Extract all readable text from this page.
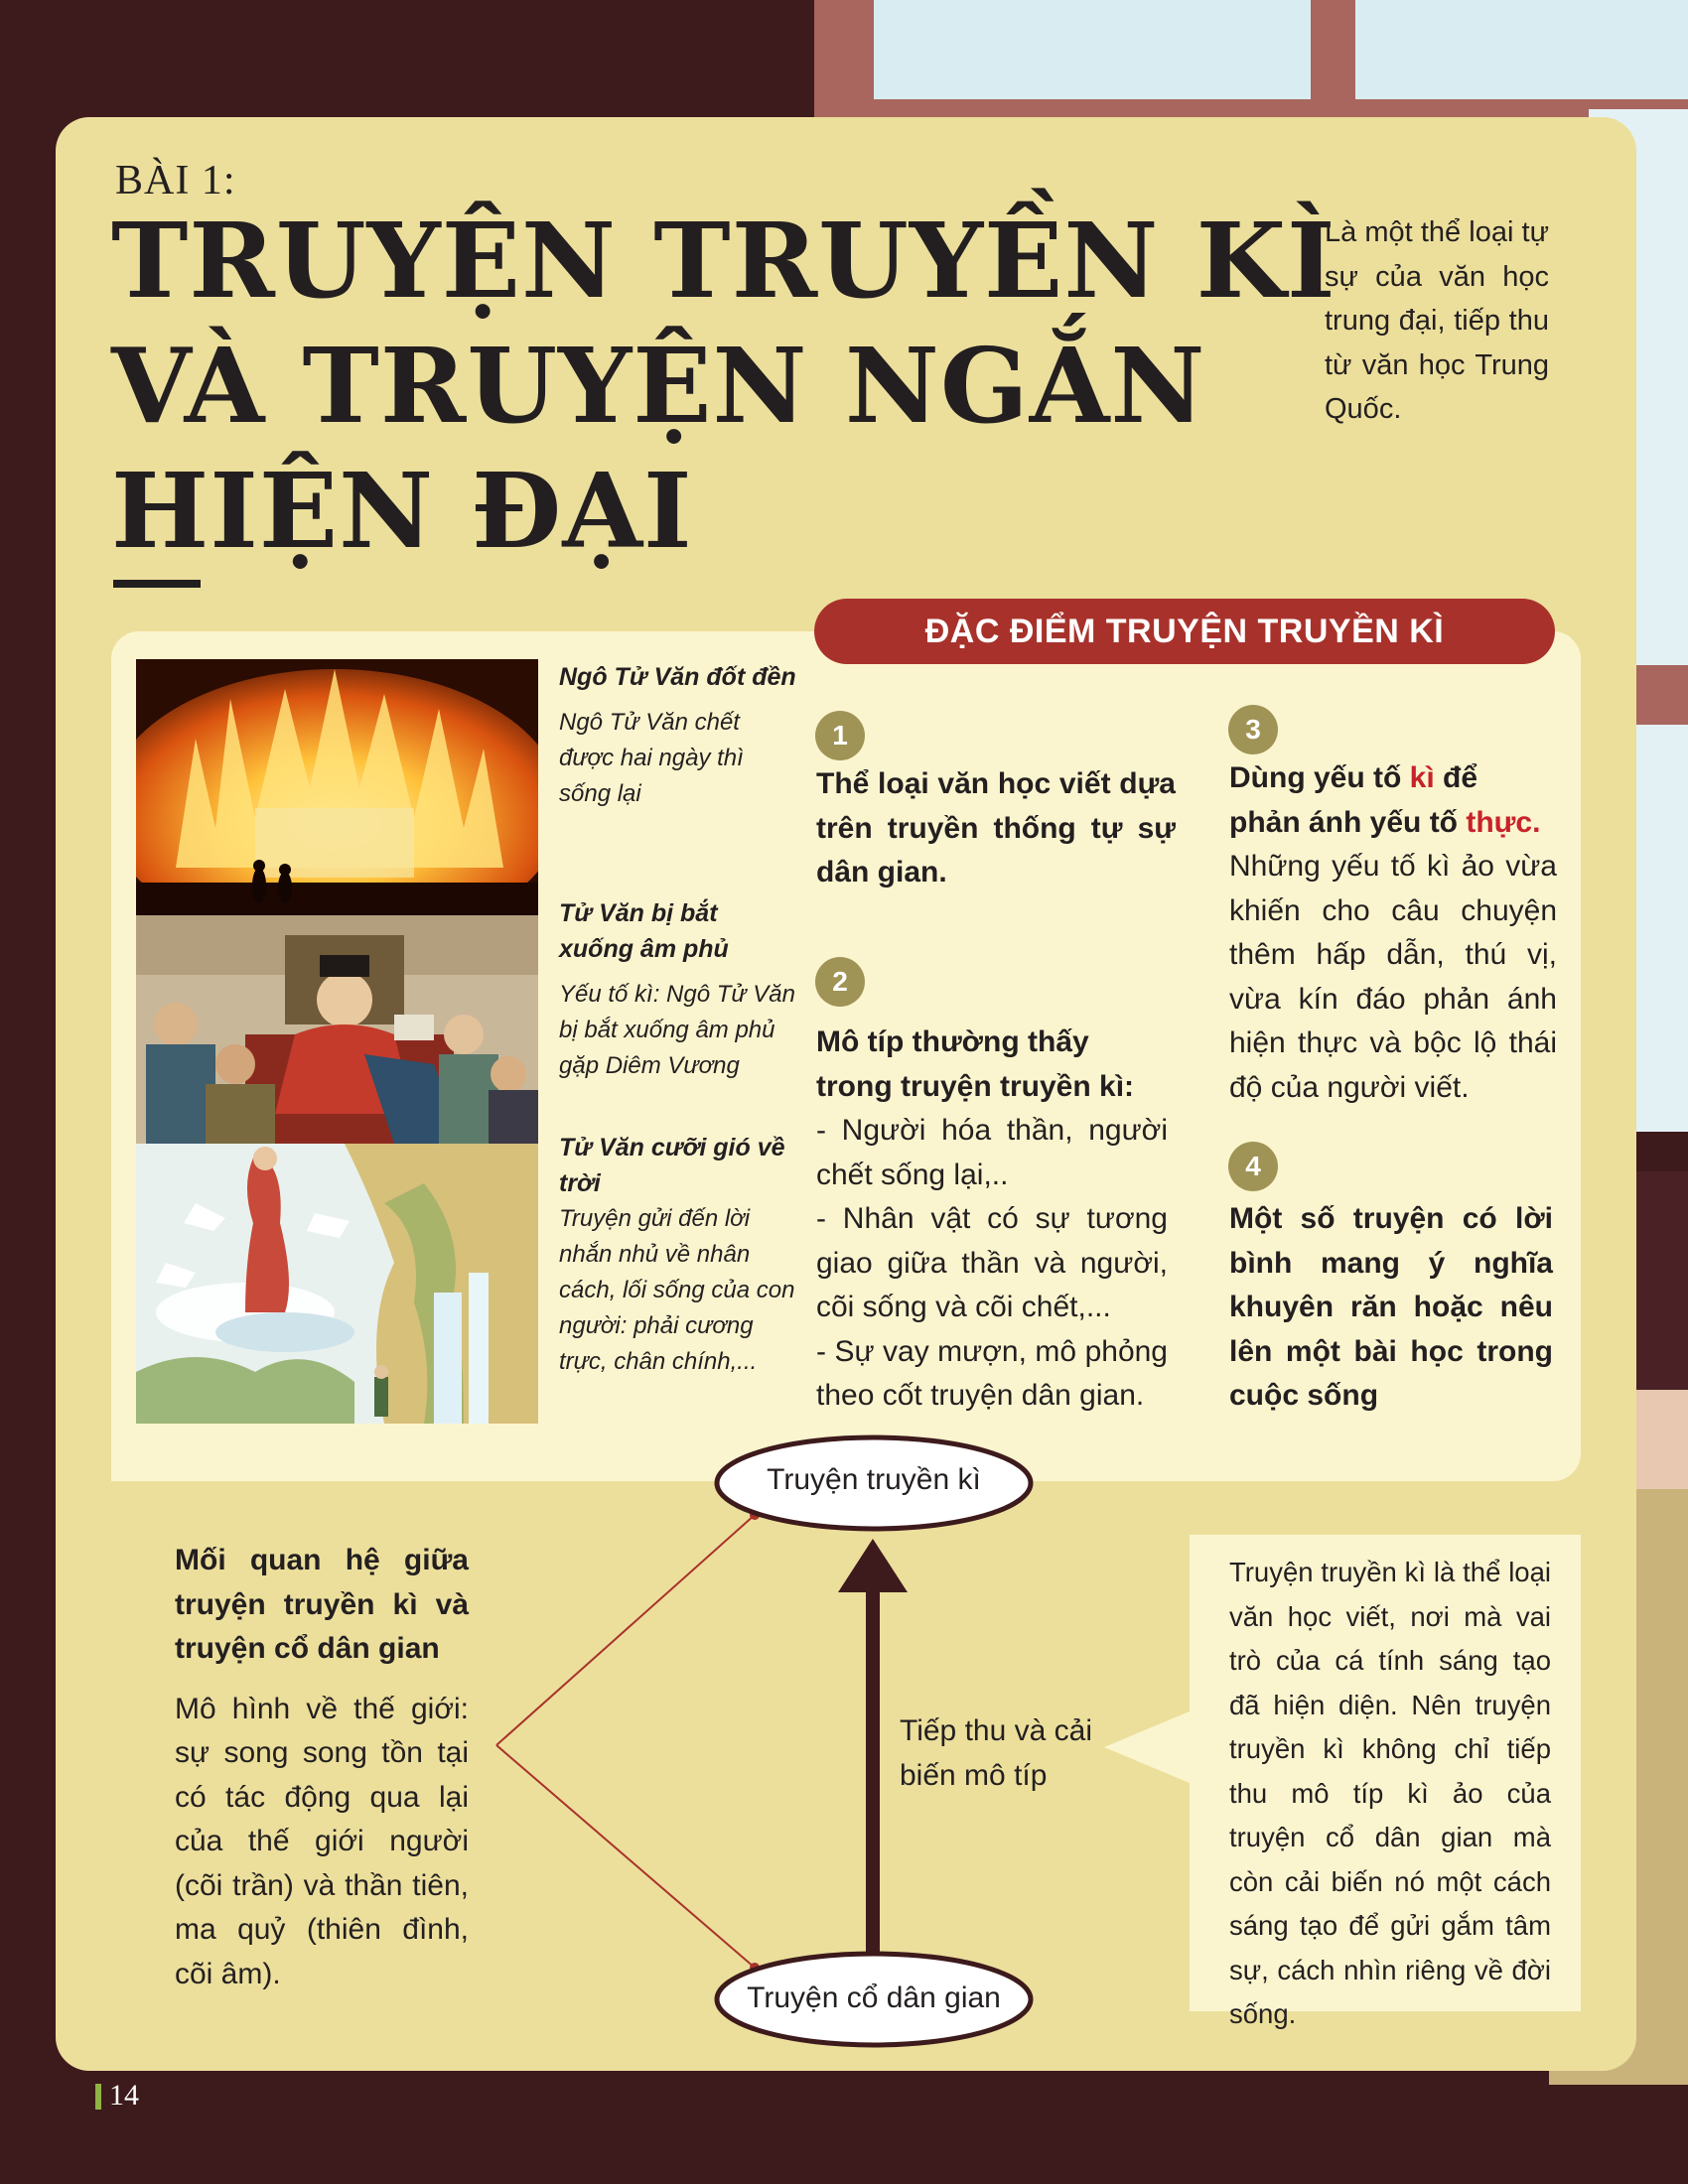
BÀI 1:
TRUYỆN TRUYỀN KÌ
VÀ TRUYỆN NGẮN
HIỆN ĐẠI
Là một thể loại tự sự của văn học trung đại, tiếp thu từ văn học Trung Quốc.
ĐẶC ĐIỂM TRUYỆN TRUYỀN KÌ
Ngô Tử Văn đốt đền
Ngô Tử Văn chết được hai ngày thì sống lại
Tử Văn bị bắt xuống âm phủ
Yếu tố kì: Ngô Tử Văn bị bắt xuống âm phủ gặp Diêm Vương
Tử Văn cưỡi gió về trời
Truyện gửi đến lời nhắn nhủ về nhân cách, lối sống của con người: phải cương trực, chân chính,...
1
Thể loại văn học viết dựa trên truyền thống tự sự dân gian.
2
Mô típ thường thấy trong truyện truyền kì:
- Người hóa thần, người chết sống lại,..
- Nhân vật có sự tương giao giữa thần và người, cõi sống và cõi chết,...
- Sự vay mượn, mô phỏng theo cốt truyện dân gian.
3
Dùng yếu tố kì để phản ánh yếu tố thực.
Những yếu tố kì ảo vừa khiến cho câu chuyện thêm hấp dẫn, thú vị, vừa kín đáo phản ánh hiện thực và bộc lộ thái độ của người viết.
4
Một số truyện có lời bình mang ý nghĩa khuyên răn hoặc nêu lên một bài học trong cuộc sống
Truyện truyền kì
Truyện cổ dân gian
Mối quan hệ giữa truyện truyền kì và truyện cổ dân gian
Mô hình về thế giới: sự song song tồn tại có tác động qua lại của thế giới người (cõi trần) và thần tiên, ma quỷ (thiên đình, cõi âm).
Tiếp thu và cải biến mô típ
Truyện truyền kì là thể loại văn học viết, nơi mà vai trò của cá tính sáng tạo đã hiện diện. Nên truyện truyền kì không chỉ tiếp thu mô típ kì ảo của truyện cổ dân gian mà còn cải biến nó một cách sáng tạo để gửi gắm tâm sự, cách nhìn riêng về đời sống.
14
